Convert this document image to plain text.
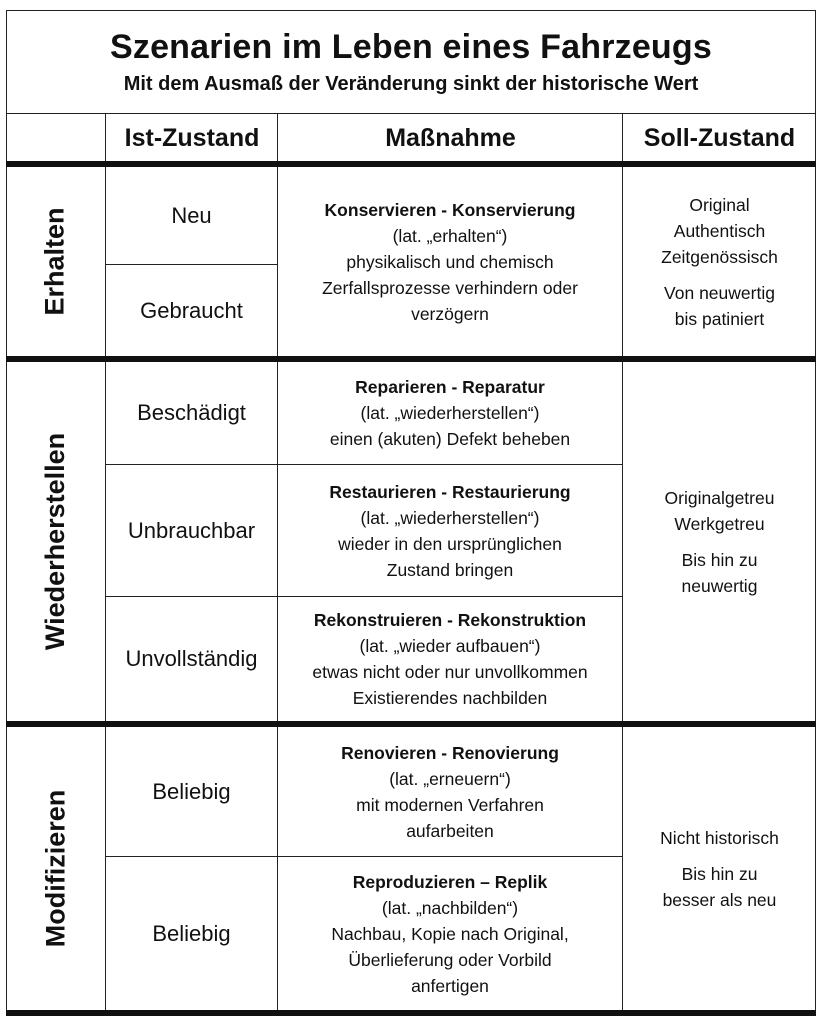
Szenarien im Leben eines Fahrzeugs
Mit dem Ausmaß der Veränderung sinkt der historische Wert
Ist-Zustand	Maßnahme	Soll-Zustand
Erhalten
Wiederherstellen
Modifizieren
Neu
Gebraucht
Beschädigt
Unbrauchbar
Unvollständig
Beliebig
Beliebig
Konservieren - Konservierung
(lat. „erhalten“)
physikalisch und chemisch
Zerfallsprozesse verhindern oder
verzögern
Reparieren - Reparatur
(lat. „wiederherstellen“)
einen (akuten) Defekt beheben
Restaurieren - Restaurierung
(lat. „wiederherstellen“)
wieder in den ursprünglichen
Zustand bringen
Rekonstruieren - Rekonstruktion
(lat. „wieder aufbauen“)
etwas nicht oder nur unvollkommen
Existierendes nachbilden
Renovieren - Renovierung
(lat. „erneuern“)
mit modernen Verfahren
aufarbeiten
Reproduzieren – Replik
(lat. „nachbilden“)
Nachbau, Kopie nach Original,
Überlieferung oder Vorbild
anfertigen
Original
Authentisch
Zeitgenössisch
Von neuwertig
bis patiniert
Originalgetreu
Werkgetreu
Bis hin zu
neuwertig
Nicht historisch
Bis hin zu
besser als neu
